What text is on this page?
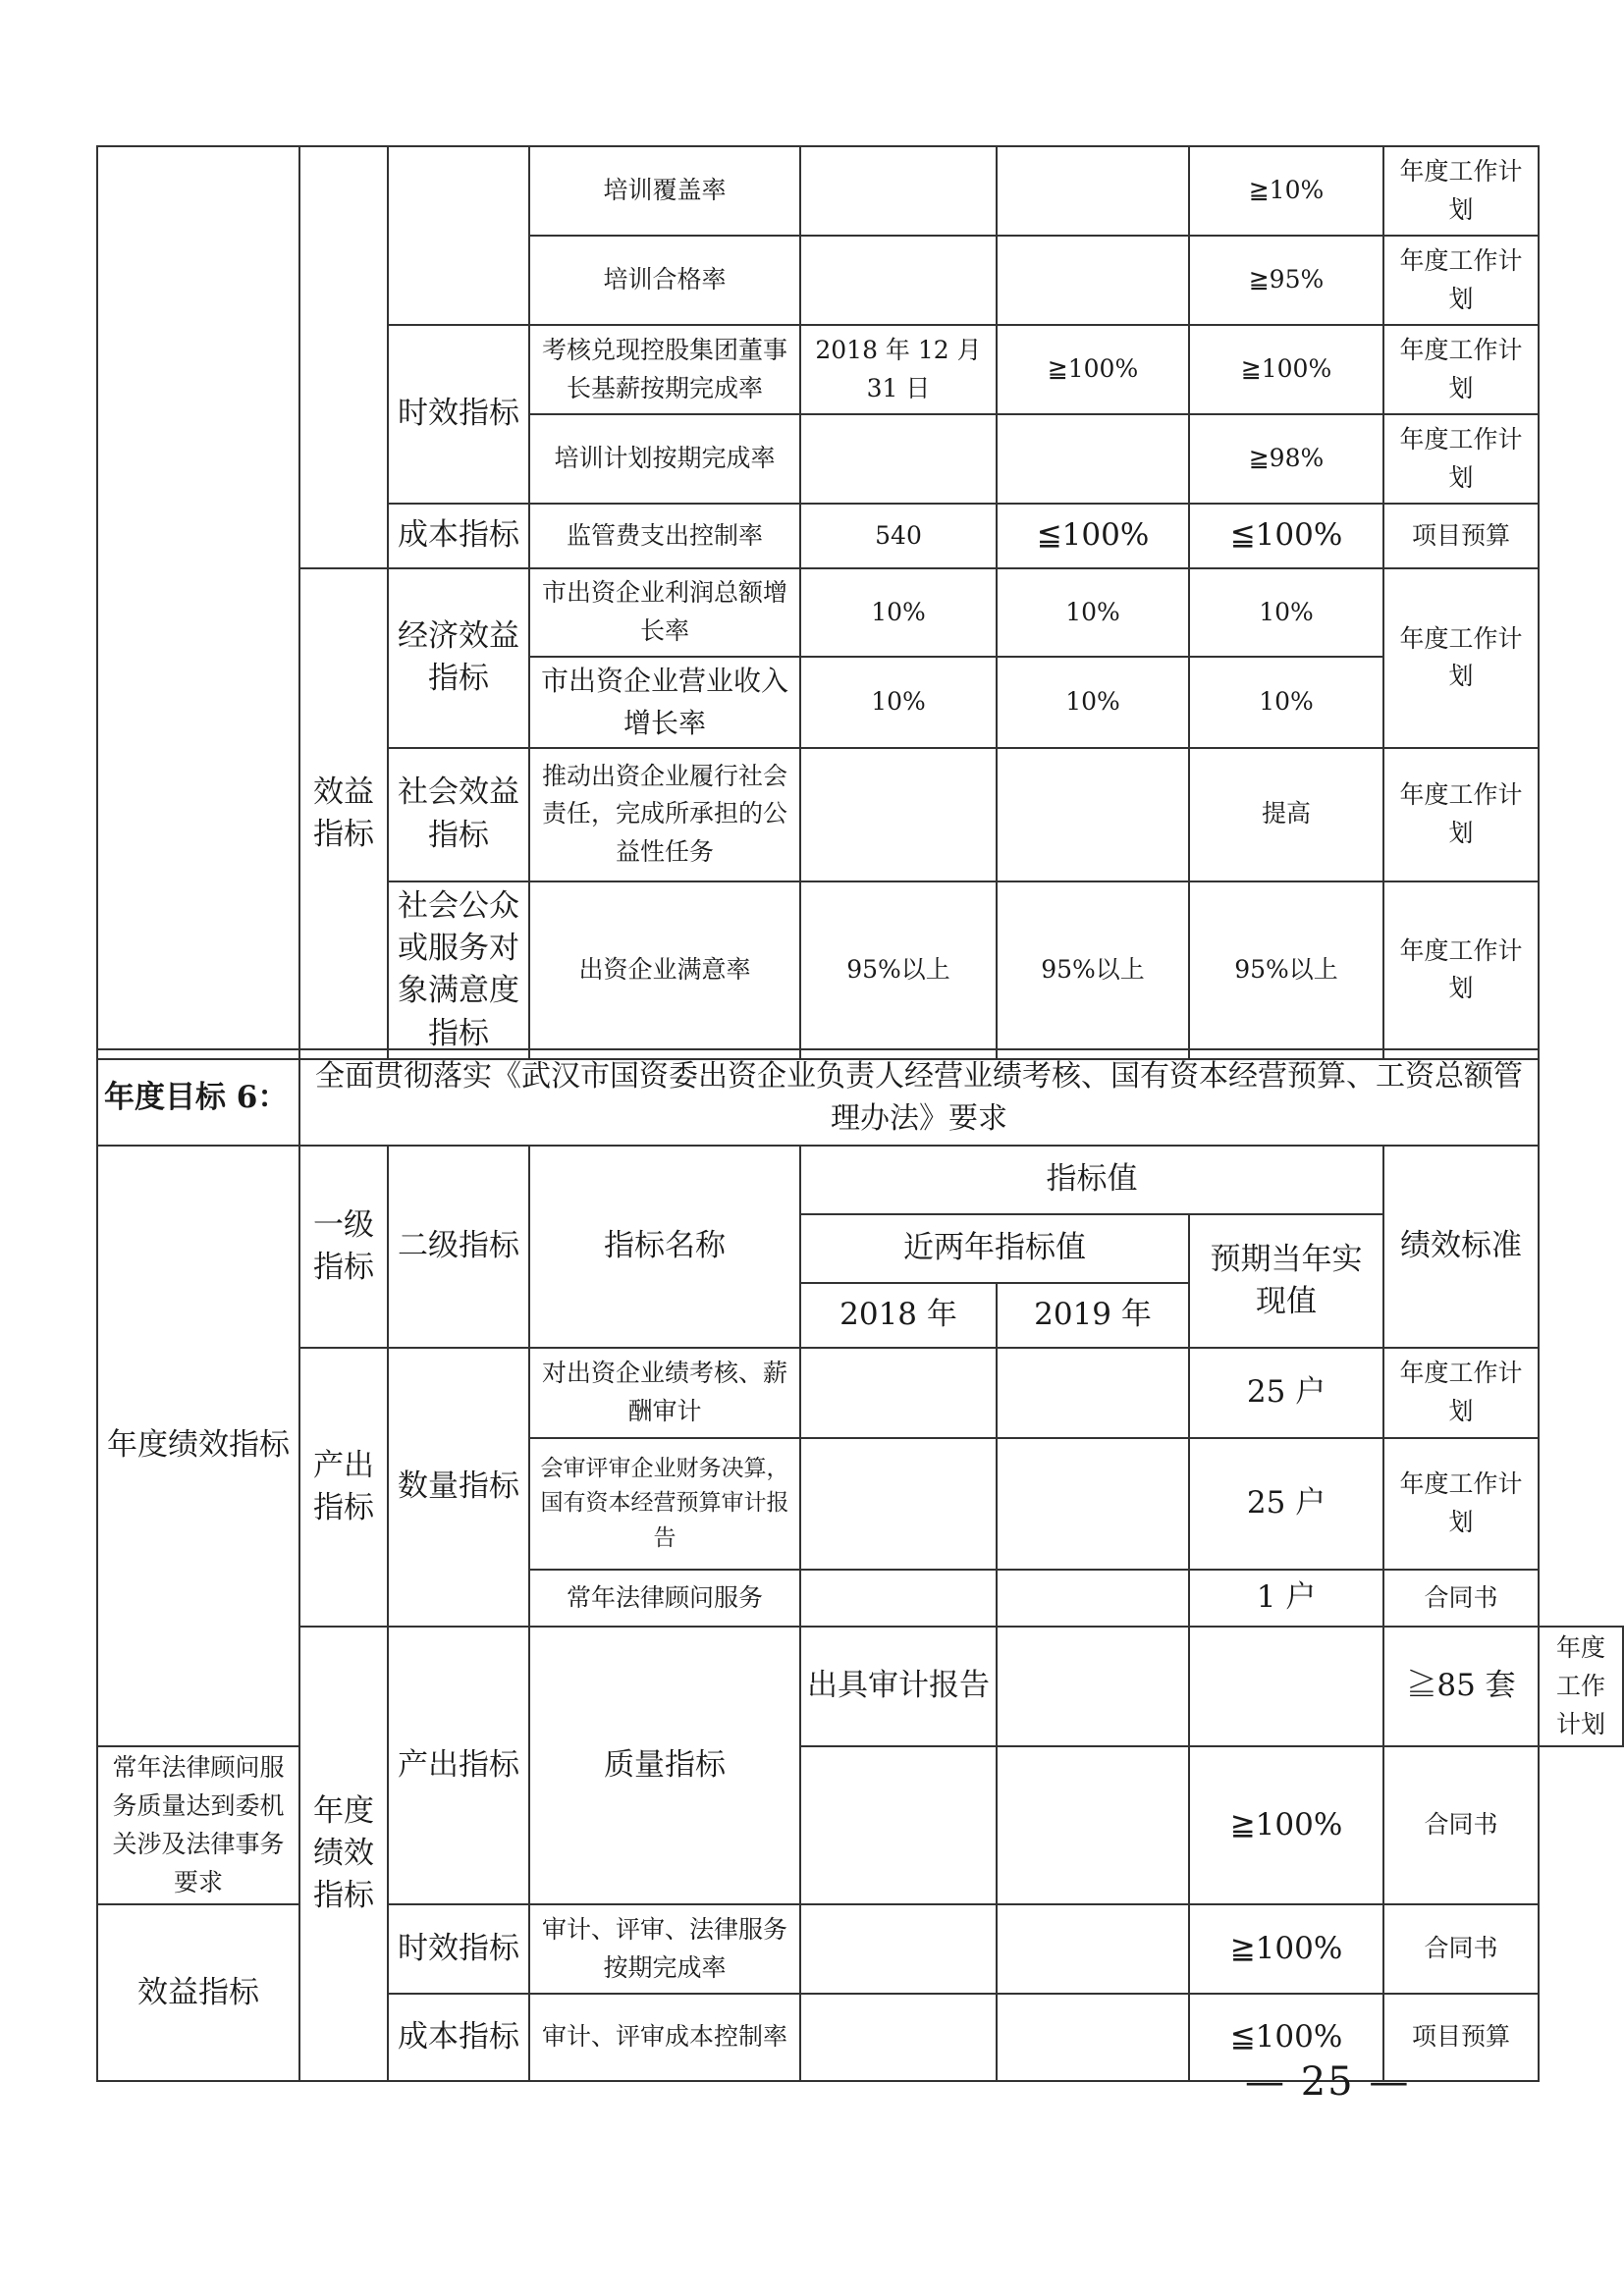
			培训覆盖率			≧10%	年度工作计划
			培训合格率			≧95%	年度工作计划
		时效指标	考核兑现控股集团董事长基薪按期完成率	2018 年 12 月 31 日	≧100%	≧100%	年度工作计划
			培训计划按期完成率			≧98%	年度工作计划
		成本指标	监管费支出控制率	540	≦100%	≦100%	项目预算
	效益指标	经济效益指标	市出资企业利润总额增长率	10%	10%	10%	年度工作计划
			市出资企业营业收入增长率	10%	10%	10%	
		社会效益指标	推动出资企业履行社会责任，完成所承担的公益性任务			提高	年度工作计划
		社会公众或服务对象满意度指标	出资企业满意率	95%以上	95%以上	95%以上	年度工作计划
年度目标 6：	全面贯彻落实《武汉市国资委出资企业负责人经营业绩考核、国有资本经营预算、工资总额管理办法》要求							
年度绩效指标	一级指标	二级指标	指标名称	指标值			绩效标准	
				近两年指标值		预期当年实现值		
				2018 年	2019 年			
	产出指标	数量指标	对出资企业绩考核、薪酬审计			25 户	年度工作计划	
			会审评审企业财务决算，国有资本经营预算审计报告			25 户	年度工作计划	
			常年法律顾问服务			1 户	合同书	
	年度绩效指标	产出指标	质量指标	出具审计报告			≧85 套	年度工作计划
常年法律顾问服务质量达到委机关涉及法律事务要求						≧100%	合同书	
效益指标		时效指标	审计、评审、法律服务按期完成率			≧100%	合同书	
		成本指标	审计、评审成本控制率			≦100%	项目预算	
— 25 —
